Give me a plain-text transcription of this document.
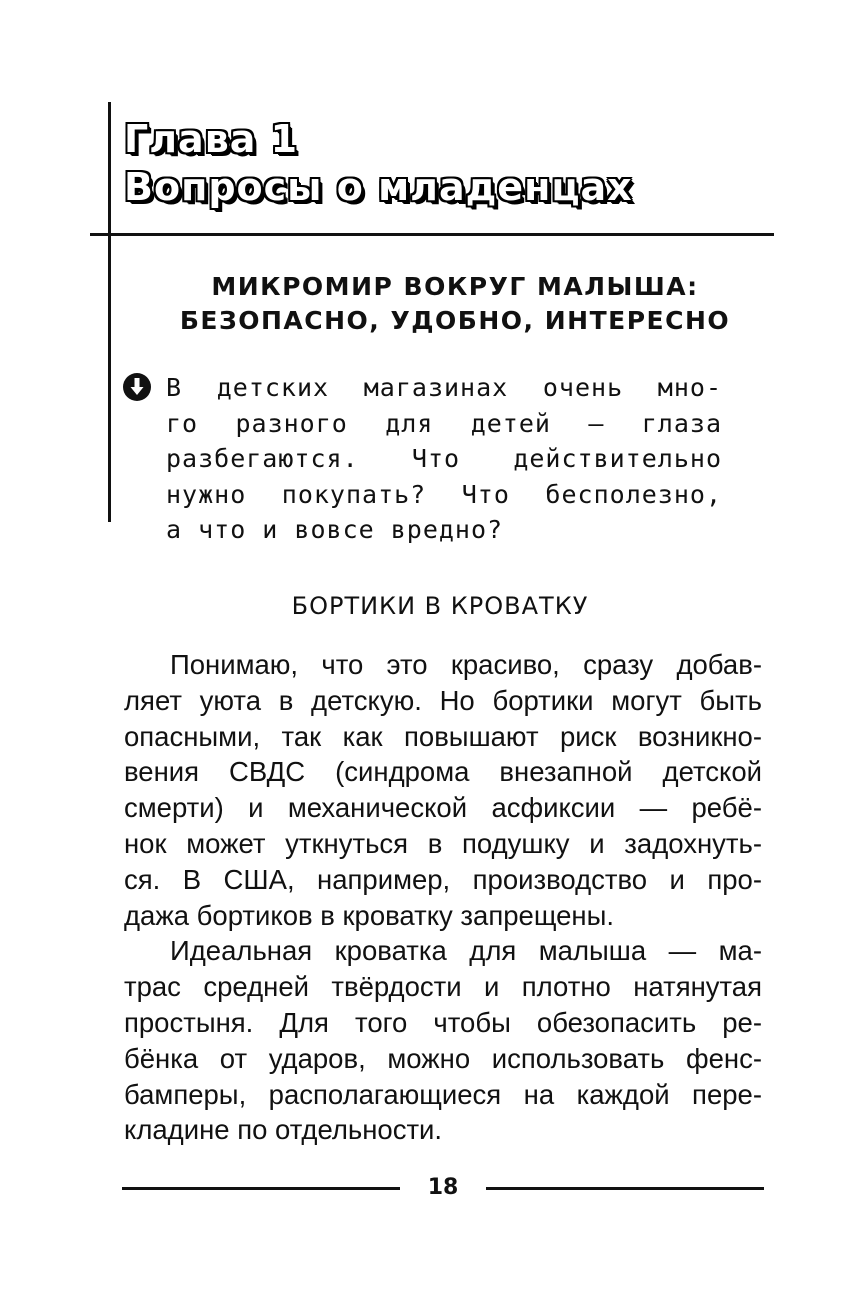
Глава 1
Вопросы о младенцах
МИКРОМИР ВОКРУГ МАЛЫША:
БЕЗОПАСНО, УДОБНО, ИНТЕРЕСНО
В детских магазинах очень мно-
го разного для детей — глаза
разбегаются. Что действительно
нужно покупать? Что бесполезно,
а что и вовсе вредно?
БОРТИКИ В КРОВАТКУ
Понимаю, что это красиво, сразу добав-
ляет уюта в детскую. Но бортики могут быть
опасными, так как повышают риск возникно-
вения СВДС (синдрома внезапной детской
смерти) и механической асфиксии — ребё-
нок может уткнуться в подушку и задохнуть-
ся. В США, например, производство и про-
дажа бортиков в кроватку запрещены.
Идеальная кроватка для малыша — ма-
трас средней твёрдости и плотно натянутая
простыня. Для того чтобы обезопасить ре-
бёнка от ударов, можно использовать фенс-
бамперы, располагающиеся на каждой пере-
кладине по отдельности.
18
